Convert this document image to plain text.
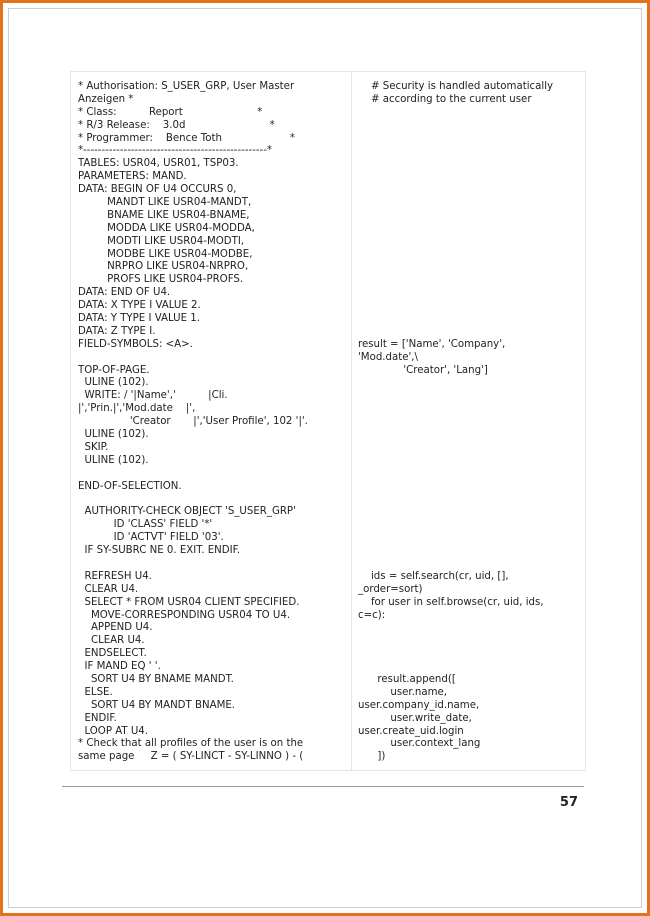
* Authorisation: S_USER_GRP, User Master
Anzeigen *
* Class:          Report                       *
* R/3 Release:    3.0d                          *
* Programmer:    Bence Toth                     *
*--------------------------------------------------*
TABLES: USR04, USR01, TSP03.
PARAMETERS: MAND.
DATA: BEGIN OF U4 OCCURS 0,
MANDT LIKE USR04-MANDT,
BNAME LIKE USR04-BNAME,
MODDA LIKE USR04-MODDA,
MODTI LIKE USR04-MODTI,
MODBE LIKE USR04-MODBE,
NRPRO LIKE USR04-NRPRO,
PROFS LIKE USR04-PROFS.
DATA: END OF U4.
DATA: X TYPE I VALUE 2.
DATA: Y TYPE I VALUE 1.
DATA: Z TYPE I.
FIELD-SYMBOLS: <A>.
TOP-OF-PAGE.
ULINE (102).
WRITE: / '|Name','          |Cli.
|','Prin.|','Mod.date    |',
'Creator       |','User Profile', 102 '|'.
ULINE (102).
SKIP.
ULINE (102).
END-OF-SELECTION.
AUTHORITY-CHECK OBJECT 'S_USER_GRP'
ID 'CLASS' FIELD '*'
ID 'ACTVT' FIELD '03'.
IF SY-SUBRC NE 0. EXIT. ENDIF.
REFRESH U4.
CLEAR U4.
SELECT * FROM USR04 CLIENT SPECIFIED.
MOVE-CORRESPONDING USR04 TO U4.
APPEND U4.
CLEAR U4.
ENDSELECT.
IF MAND EQ ' '.
SORT U4 BY BNAME MANDT.
ELSE.
SORT U4 BY MANDT BNAME.
ENDIF.
LOOP AT U4.
* Check that all profiles of the user is on the
same page     Z = ( SY-LINCT - SY-LINNO ) - (
# Security is handled automatically
# according to the current user
result = ['Name', 'Company',
'Mod.date',\
'Creator', 'Lang']
ids = self.search(cr, uid, [],
_order=sort)
for user in self.browse(cr, uid, ids,
c=c):
result.append([
user.name,
user.company_id.name,
user.write_date,
user.create_uid.login
user.context_lang
])
57
